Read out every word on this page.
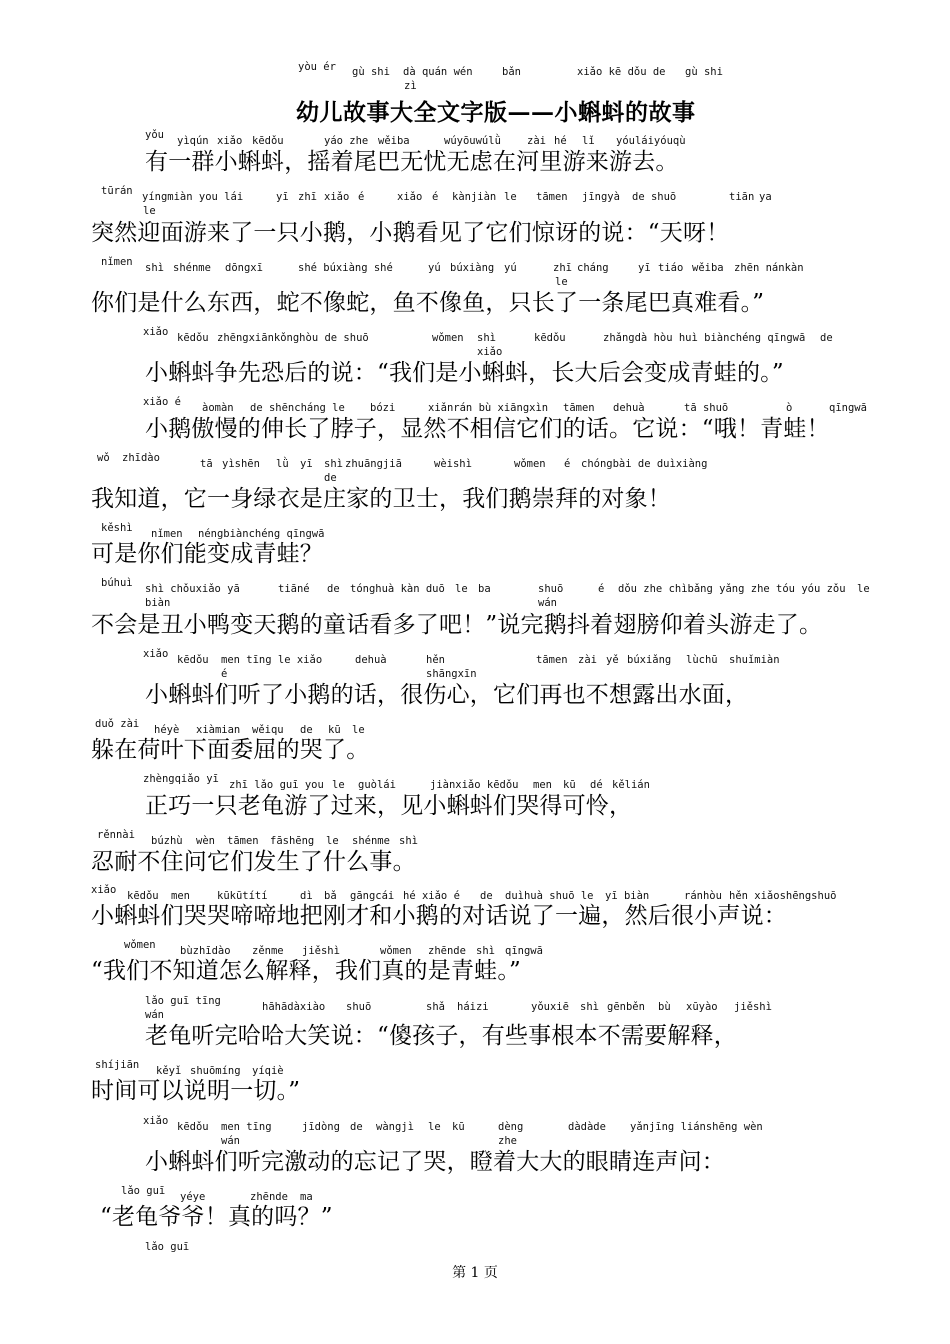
yòu ér gù shi dà quán wén	bǎn	xiǎo kē dǒu de gù shi
zì
幼儿故事大全文字版——小蝌蚪的故事
yǒu yìqún xiǎo kēdǒu	yáo zhe wěiba	wúyōuwúlǜ zài hé lǐ yóuláiyóuqù
有一群小蝌蚪，摇着尾巴无忧无虑在河里游来游去。
tūrán yíngmiàn you lái	yī zhī xiǎo é	xiǎo é kànjiàn le tāmen jīngyà de shuō	tiān ya
le
突然迎面游来了一只小鹅，小鹅看见了它们惊讶的说：“天呀！
nǐmen shì shénme dōngxī	shé búxiàng shé	yú búxiàng yú	zhī cháng	yī tiáo wěiba zhēn nánkàn
le
你们是什么东西，蛇不像蛇，鱼不像鱼，只长了一条尾巴真难看。”
xiǎo kēdǒu zhēngxiānkǒnghòu de shuō	wǒmen shì	kēdǒu	zhǎngdà hòu huì biànchéng qīngwā de
xiǎo
小蝌蚪争先恐后的说：“我们是小蝌蚪，长大后会变成青蛙的。”
xiǎo é àomàn de shēncháng le bózi	xiǎnrán bù xiāngxìn tāmen dehuà	tā shuō	ò	qīngwā
小鹅傲慢的伸长了脖子，显然不相信它们的话。它说：“哦！青蛙！
wǒ zhīdào	tā yìshēn lǜ yī shì zhuāngjiā	wèishì	wǒmen é chóngbài de duìxiàng
de
我知道，它一身绿衣是庄家的卫士，我们鹅崇拜的对象！
kěshì nǐmen néngbiànchéng qīngwā
可是你们能变成青蛙？
búhuì shì chǒuxiǎo yā	tiāné de tónghuà kàn duō le ba	shuō	é dǒu zhe chìbǎng yǎng zhe tóu yóu zǒu le
biàn	wán
不会是丑小鸭变天鹅的童话看多了吧！”说完鹅抖着翅膀仰着头游走了。
xiǎo kēdǒu men tīng le xiǎo	dehuà	hěn	tāmen zài yě búxiǎng lùchū shuǐmiàn
é	shāngxīn
小蝌蚪们听了小鹅的话，很伤心，它们再也不想露出水面，
duǒ zài héyè xiàmian wěiqu de kū le
躲在荷叶下面委屈的哭了。
zhèngqiǎo yī zhī lǎo guī you le guòlái	jiànxiǎo kēdǒu men kū dé kělián
正巧一只老龟游了过来，见小蝌蚪们哭得可怜，
rěnnài búzhù wèn tāmen fāshēng le shénme shì
忍耐不住问它们发生了什么事。
xiǎo kēdǒu men	kūkūtítí	dì bǎ gāngcái hé xiǎo é de duìhuà shuō le yī biàn	ránhòu hěn xiǎoshēngshuō
小蝌蚪们哭哭啼啼地把刚才和小鹅的对话说了一遍，然后很小声说：
wǒmen bùzhīdào zěnme jiěshì	wǒmen zhēnde shì qīngwā
“我们不知道怎么解释，我们真的是青蛙。”
lǎo guī tīng	hāhādàxiào shuō	shǎ háizi	yǒuxiē shì gēnběn bù xūyào jiěshì
wán
老龟听完哈哈大笑说：“傻孩子，有些事根本不需要解释，
shíjiān kěyǐ shuōmíng yíqiè
时间可以说明一切。”
xiǎo kēdǒu men tīng	jīdòng de wàngjì le kū	dèng	dàdàde yǎnjīng liánshēng wèn
wán	zhe
小蝌蚪们听完激动的忘记了哭，瞪着大大的眼睛连声问：
lǎo guī yéye	zhēnde ma
“老龟爷爷！真的吗？”
lǎo guī
第 1 页
